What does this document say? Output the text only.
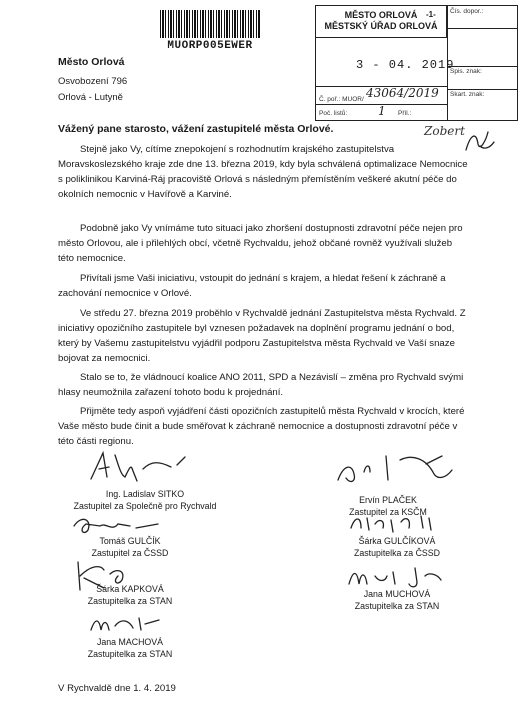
MUORP005EWER
MĚSTO ORLOVÁ
MĚSTSKÝ ÚŘAD ORLOVÁ
-1- Čís. dopor.:
Spis. znak:
Skart. znak:
3 - 04. 2019
Č. poř.: MUOR/ 43064/2019
Poč. listů:	1 Příl.:
Město Orlová
Osvobození 796
Orlová - Lutyně
Zobert
Vážený pane starosto, vážení zastupitelé města Orlové.

Stejně jako Vy, cítíme znepokojení s rozhodnutím krajského zastupitelstva Moravskoslezského kraje zde dne 13. března 2019, kdy byla schválená optimalizace Nemocnice s poliklinikou Karviná-Ráj pracoviště Orlová s následným přemístěním veškeré akutní péče do okolních nemocnic v Havířově a Karviné.

Podobně jako Vy vnímáme tuto situaci jako zhoršení dostupnosti zdravotní péče nejen pro město Orlovou, ale i přilehlých obcí, včetně Rychvaldu, jehož občané rovněž využívali služeb této nemocnice.

Přivítali jsme Vaši iniciativu, vstoupit do jednání s krajem, a hledat řešení k záchraně a zachování nemocnice v Orlové.

Ve středu 27. března 2019 proběhlo v Rychvaldě jednání Zastupitelstva města Rychvald. Z iniciativy opozičního zastupitele byl vznesen požadavek na doplnění programu jednání o bod, který by Vašemu zastupitelstvu vyjádřil podporu Zastupitelstva města Rychvald ve Vaší snaze bojovat za nemocnici.

Stalo se to, že vládnoucí koalice ANO 2011, SPD a Nezávislí – změna pro Rychvald svými hlasy neumožnila zařazení tohoto bodu k projednání.

Přijměte tedy aspoň vyjádření části opozičních zastupitelů města Rychvald v krocích, které Vaše město bude činit a bude směřovat k záchraně nemocnice a dostupnosti zdravotní péče v této části regionu.

Ing. Ladislav SITKO
Zastupitel za Společně pro Rychvald
Ervín PLAČEK
Zastupitel za KSČM
Tomáš GULČÍK
Zastupitel za ČSSD
Šárka GULČÍKOVÁ
Zastupitelka za ČSSD
Šárka KAPKOVÁ
Zastupitelka za STAN
Jana MUCHOVÁ
Zastupitelka za STAN
Jana MACHOVÁ
Zastupitelka za STAN
V Rychvaldě dne 1. 4. 2019
